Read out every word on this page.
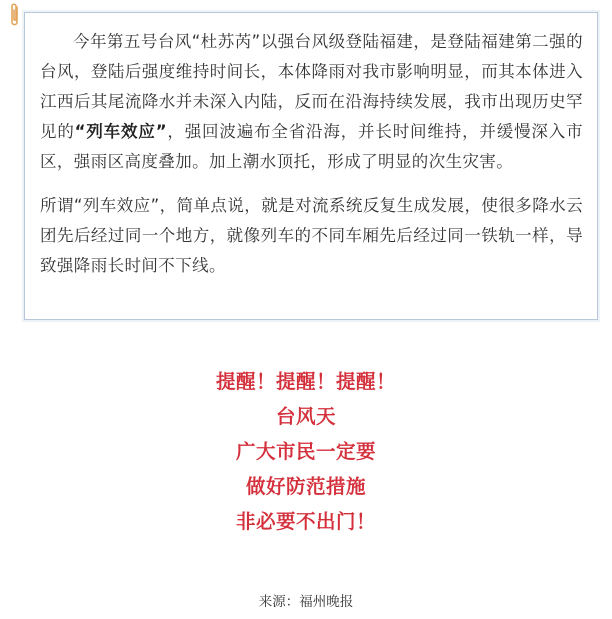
今年第五号台风“杜苏芮”以强台风级登陆福建，是登陆福建第二强的台风，登陆后强度维持时间长，本体降雨对我市影响明显，而其本体进入江西后其尾流降水并未深入内陆，反而在沿海持续发展，我市出现历史罕见的“列车效应”，强回波遍布全省沿海，并长时间维持，并缓慢深入市区，强雨区高度叠加。加上潮水顶托，形成了明显的次生灾害。

所谓“列车效应”，简单点说，就是对流系统反复生成发展，使很多降水云团先后经过同一个地方，就像列车的不同车厢先后经过同一铁轨一样，导致强降雨长时间不下线。

提醒！提醒！提醒！
台风天
广大市民一定要
做好防范措施
非必要不出门！
来源：福州晚报
